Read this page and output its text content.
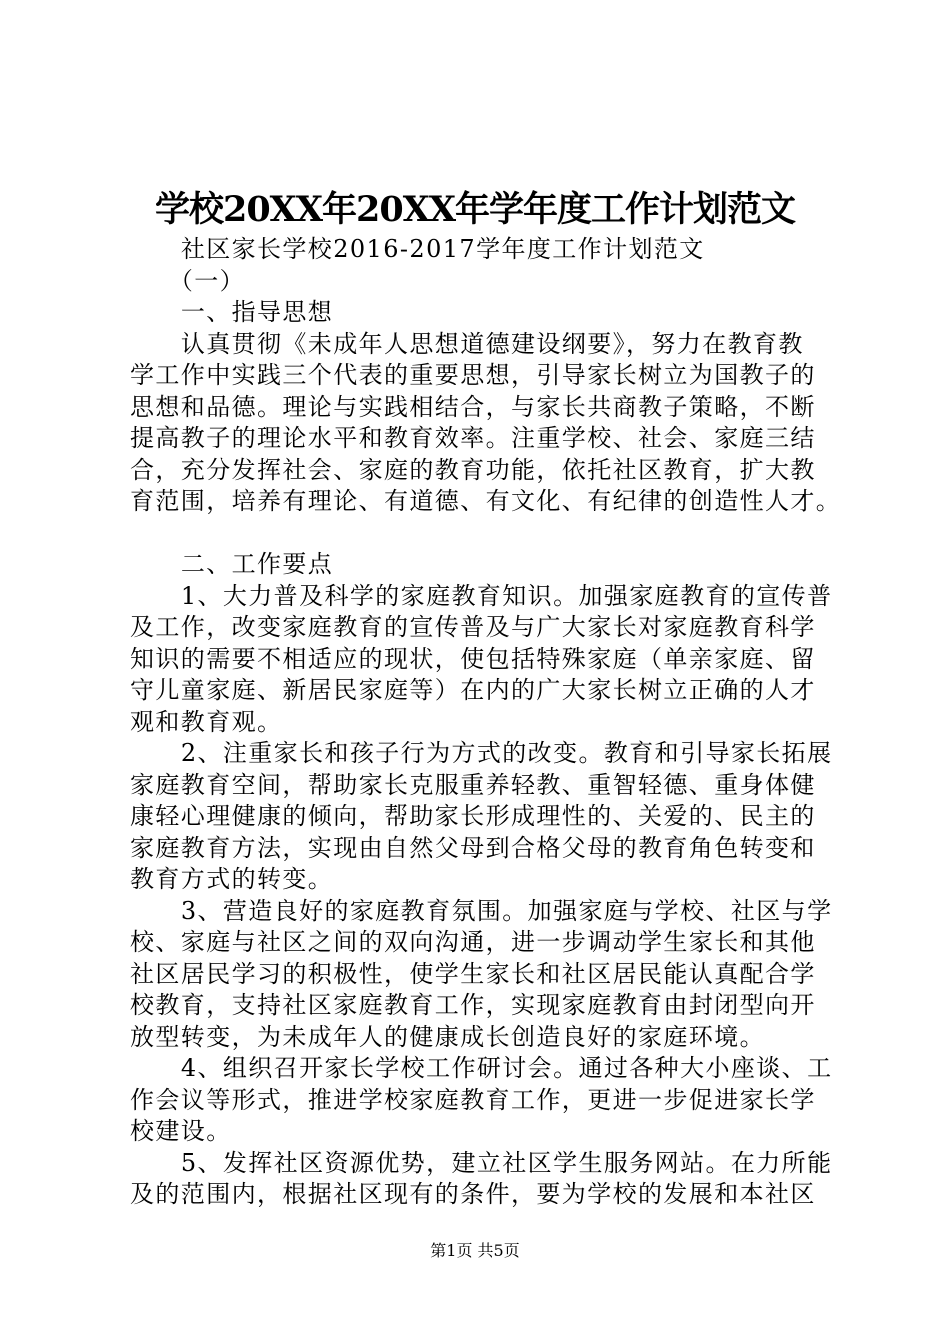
学校20XX年20XX年学年度工作计划范文
　　社区家长学校2016-2017学年度工作计划范文
　　（一）
　　一、指导思想
　　认真贯彻《未成年人思想道德建设纲要》，努力在教育教
学工作中实践三个代表的重要思想，引导家长树立为国教子的
思想和品德。理论与实践相结合，与家长共商教子策略，不断
提高教子的理论水平和教育效率。注重学校、社会、家庭三结
合，充分发挥社会、家庭的教育功能，依托社区教育，扩大教
育范围，培养有理论、有道德、有文化、有纪律的创造性人才。
　　二、工作要点
　　1、大力普及科学的家庭教育知识。加强家庭教育的宣传普
及工作，改变家庭教育的宣传普及与广大家长对家庭教育科学
知识的需要不相适应的现状，使包括特殊家庭（单亲家庭、留
守儿童家庭、新居民家庭等）在内的广大家长树立正确的人才
观和教育观。
　　2、注重家长和孩子行为方式的改变。教育和引导家长拓展
家庭教育空间，帮助家长克服重养轻教、重智轻德、重身体健
康轻心理健康的倾向，帮助家长形成理性的、关爱的、民主的
家庭教育方法，实现由自然父母到合格父母的教育角色转变和
教育方式的转变。
　　3、营造良好的家庭教育氛围。加强家庭与学校、社区与学
校、家庭与社区之间的双向沟通，进一步调动学生家长和其他
社区居民学习的积极性，使学生家长和社区居民能认真配合学
校教育，支持社区家庭教育工作，实现家庭教育由封闭型向开
放型转变，为未成年人的健康成长创造良好的家庭环境。
　　4、组织召开家长学校工作研讨会。通过各种大小座谈、工
作会议等形式，推进学校家庭教育工作，更进一步促进家长学
校建设。
　　5、发挥社区资源优势，建立社区学生服务网站。在力所能
及的范围内，根据社区现有的条件，要为学校的发展和本社区
第1页 共5页
